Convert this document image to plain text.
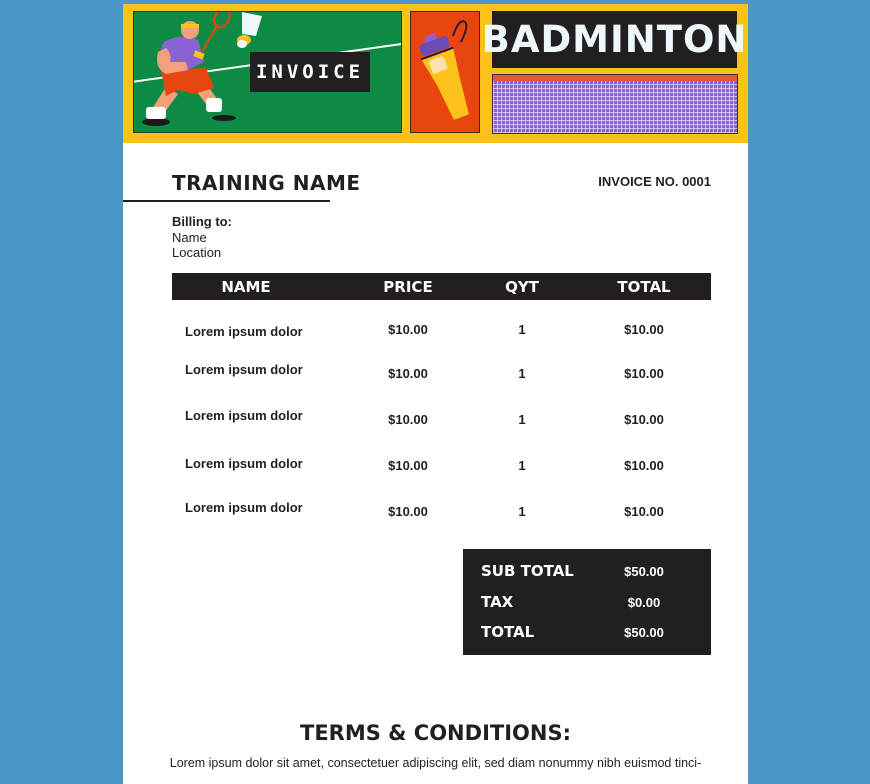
INVOICE
BADMINTON
TRAINING NAME	INVOICE NO. 0001
Billing to:
Name
Location
NAME	PRICE	QYT	TOTAL
Lorem ipsum dolor	$10.00	1	$10.00
Lorem ipsum dolor	$10.00	1	$10.00
Lorem ipsum dolor	$10.00	1	$10.00
Lorem ipsum dolor	$10.00	1	$10.00
Lorem ipsum dolor	$10.00	1	$10.00
SUB TOTAL	$50.00
TAX	$0.00
TOTAL	$50.00
TERMS & CONDITIONS:
Lorem ipsum dolor sit amet, consectetuer adipiscing elit, sed diam nonummy nibh euismod tinci-
